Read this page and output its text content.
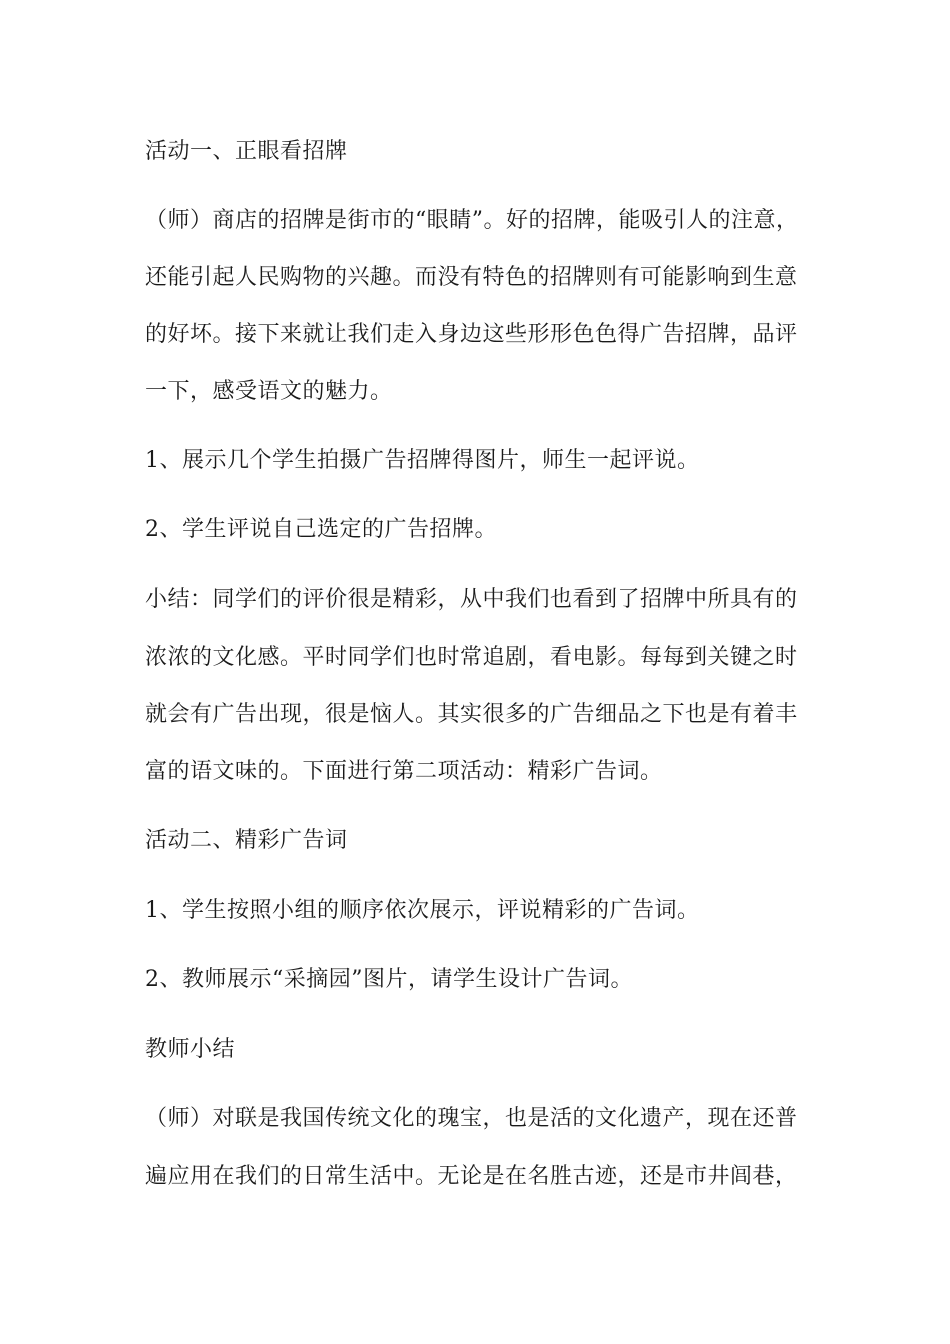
活动一、正眼看招牌
（师）商店的招牌是街市的“眼睛”。好的招牌，能吸引人的注意，
还能引起人民购物的兴趣。而没有特色的招牌则有可能影响到生意
的好坏。接下来就让我们走入身边这些形形色色得广告招牌，品评
一下，感受语文的魅力。
1、展示几个学生拍摄广告招牌得图片，师生一起评说。
2、学生评说自己选定的广告招牌。
小结：同学们的评价很是精彩，从中我们也看到了招牌中所具有的
浓浓的文化感。平时同学们也时常追剧，看电影。每每到关键之时
就会有广告出现，很是恼人。其实很多的广告细品之下也是有着丰
富的语文味的。下面进行第二项活动：精彩广告词。
活动二、精彩广告词
1、学生按照小组的顺序依次展示，评说精彩的广告词。
2、教师展示“采摘园”图片，请学生设计广告词。
教师小结
（师）对联是我国传统文化的瑰宝，也是活的文化遗产，现在还普
遍应用在我们的日常生活中。无论是在名胜古迹，还是市井闾巷，
